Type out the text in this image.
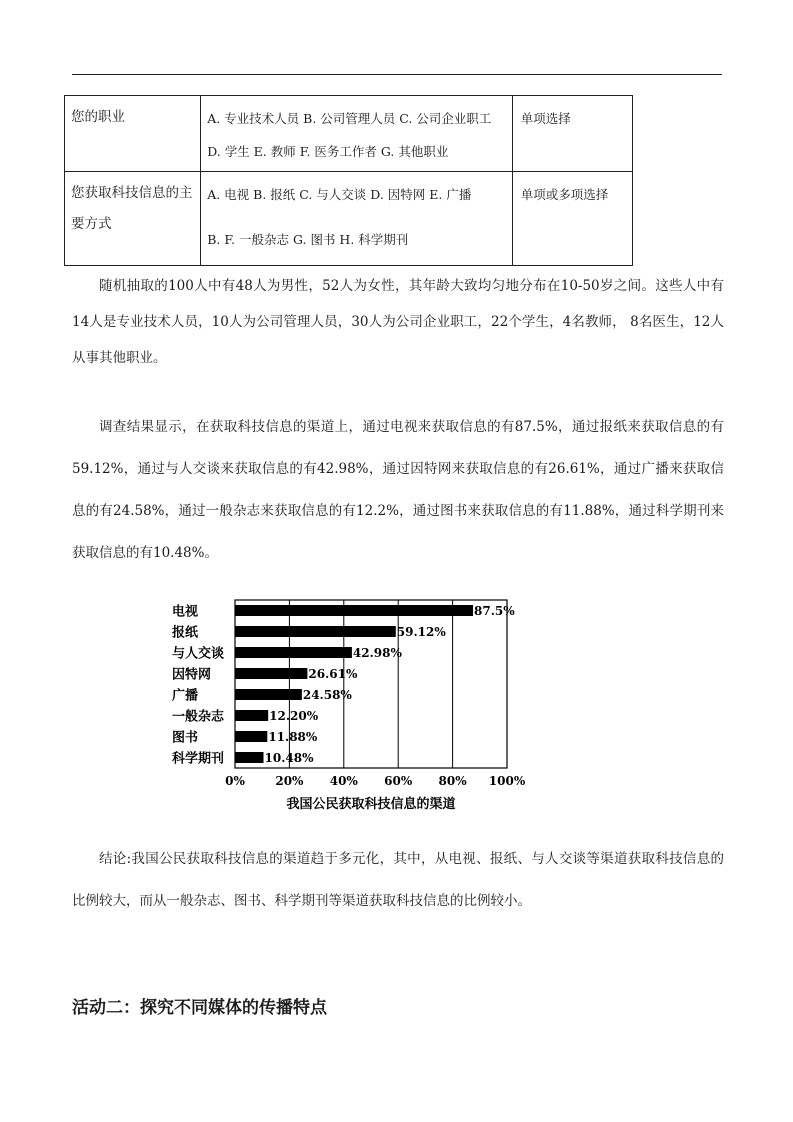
您的职业	A. 专业技术人员 B. 公司管理人员 C. 公司企业职工
D. 学生 E. 教师 F. 医务工作者 G. 其他职业	单项选择
您获取科技信息的主要方式	A. 电视 B. 报纸 C. 与人交谈 D. 因特网 E. 广播
B. F. 一般杂志 G. 图书 H. 科学期刊	单项或多项选择

随机抽取的100人中有48人为男性，52人为女性，其年龄大致均匀地分布在10-50岁之间。这些人中有14人是专业技术人员，10人为公司管理人员，30人为公司企业职工，22个学生，4名教师， 8名医生，12人从事其他职业。

调查结果显示，在获取科技信息的渠道上，通过电视来获取信息的有87.5%，通过报纸来获取信息的有59.12%，通过与人交谈来获取信息的有42.98%，通过因特网来获取信息的有26.61%，通过广播来获取信息的有24.58%，通过一般杂志来获取信息的有12.2%，通过图书来获取信息的有11.88%，通过科学期刊来获取信息的有10.48%。

0%	20% 40% 60% 80% 100%
电视	87.5%
报纸	59.12%
与人交谈	42.98%
因特网	26.61%
广播	24.58%
一般杂志	12.20%
图书	11.88%
科学期刊	10.48%
我国公民获取科技信息的渠道

结论:我国公民获取科技信息的渠道趋于多元化，其中，从电视、报纸、与人交谈等渠道获取科技信息的比例较大，而从一般杂志、图书、科学期刊等渠道获取科技信息的比例较小。

活动二：探究不同媒体的传播特点
